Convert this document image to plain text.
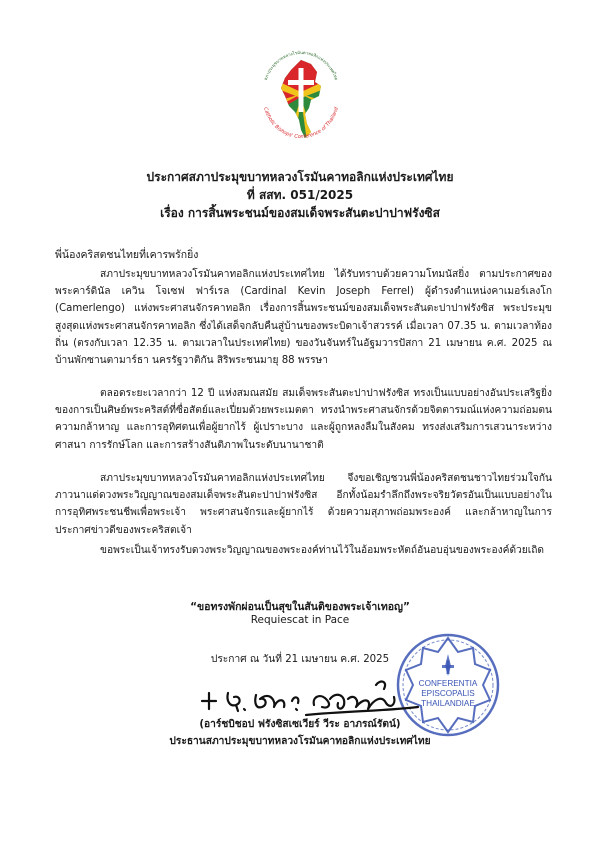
สภาประมุขบาทหลวงโรมันคาทอลิกแห่งประเทศไทย
Catholic Bishops' Conference of Thailand
ประกาศสภาประมุขบาทหลวงโรมันคาทอลิกแห่งประเทศไทย
ที่ สสท. 051/2025
เรื่อง การสิ้นพระชนม์ของสมเด็จพระสันตะปาปาฟรังซิส
พี่น้องคริสตชนไทยที่เคารพรักยิ่ง
สภาประมุขบาทหลวงโรมันคาทอลิกแห่งประเทศไทย ได้รับทราบด้วยความโทมนัสยิ่ง ตามประกาศของพระคาร์ดินัล เควิน โจเซฟ ฟาร์เรล (Cardinal Kevin Joseph Ferrel) ผู้ดำรงตำแหน่งคาเมอร์เลงโก (Camerlengo) แห่งพระศาสนจักรคาทอลิก เรื่องการสิ้นพระชนม์ของสมเด็จพระสันตะปาปาฟรังซิส พระประมุขสูงสุดแห่งพระศาสนจักรคาทอลิก ซึ่งได้เสด็จกลับคืนสู่บ้านของพระบิดาเจ้าสวรรค์ เมื่อเวลา 07.35 น. ตามเวลาท้องถิ่น (ตรงกับเวลา 12.35 น. ตามเวลาในประเทศไทย) ของวันจันทร์ในอัฐมวารปัสกา 21 เมษายน ค.ศ. 2025 ณ บ้านพักซานตามาร์ธา นครรัฐวาติกัน สิริพระชนมายุ 88 พรรษา
ตลอดระยะเวลากว่า 12 ปี แห่งสมณสมัย สมเด็จพระสันตะปาปาฟรังซิส ทรงเป็นแบบอย่างอันประเสริฐยิ่ง ของการเป็นศิษย์พระคริสต์ที่ซื่อสัตย์และเปี่ยมด้วยพระเมตตา ทรงนำพระศาสนจักรด้วยจิตตารมณ์แห่งความถ่อมตน ความกล้าหาญ และการอุทิศตนเพื่อผู้ยากไร้ ผู้เปราะบาง และผู้ถูกหลงลืมในสังคม ทรงส่งเสริมการเสวนาระหว่างศาสนา การรักษ์โลก และการสร้างสันติภาพในระดับนานาชาติ
สภาประมุขบาทหลวงโรมันคาทอลิกแห่งประเทศไทย จึงขอเชิญชวนพี่น้องคริสตชนชาวไทยร่วมใจกันภาวนาแด่ดวงพระวิญญาณของสมเด็จพระสันตะปาปาฟรังซิส อีกทั้งน้อมรำลึกถึงพระจริยวัตรอันเป็นแบบอย่างในการอุทิศพระชนชีพเพื่อพระเจ้า พระศาสนจักรและผู้ยากไร้ ด้วยความสุภาพถ่อมพระองค์ และกล้าหาญในการประกาศข่าวดีของพระคริสตเจ้า
ขอพระเป็นเจ้าทรงรับดวงพระวิญญาณของพระองค์ท่านไว้ในอ้อมพระหัตถ์อันอบอุ่นของพระองค์ด้วยเถิด
“ขอทรงพักผ่อนเป็นสุขในสันติของพระเจ้าเทอญ”
Requiescat in Pace
ประกาศ ณ วันที่ 21 เมษายน ค.ศ. 2025
CONFERENTIA
EPISCOPALIS
THAILANDIAE
(อาร์ชบิชอป ฟรังซิสเซเวียร์ วีระ อาภรณ์รัตน์)
ประธานสภาประมุขบาทหลวงโรมันคาทอลิกแห่งประเทศไทย
